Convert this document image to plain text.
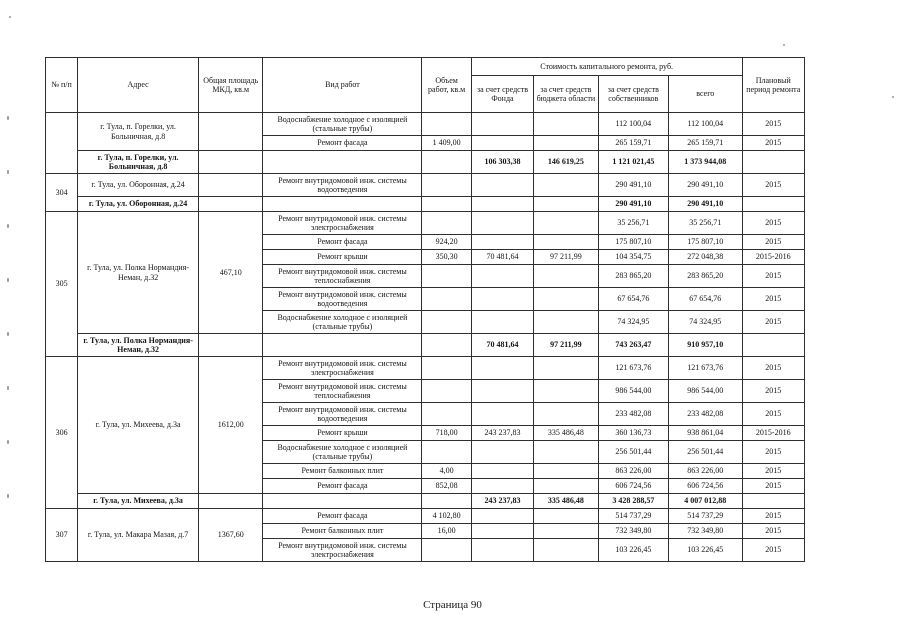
№ п/п	Адрес	Общая площадь МКД, кв.м	Вид работ	Объем работ, кв.м	Стоимость капитального ремонта, руб.				Плановый период ремонта
					за счет средств Фонда	за счет средств бюджета области	за счет средств собственников	всего	
	г. Тула, п. Горелки, ул. Больничная, д.8		Водоснабжение холодное с изоляцией (стальные трубы)				112 100,04	112 100,04	2015
			Ремонт фасада	1 409,00			265 159,71	265 159,71	2015
	г. Тула, п. Горелки, ул. Больничная, д.8				106 303,38	146 619,25	1 121 021,45	1 373 944,08	
304	г. Тула, ул. Оборонная, д.24		Ремонт внутридомовой инж. системы водоотведения				290 491,10	290 491,10	2015
	г. Тула, ул. Оборонная, д.24						290 491,10	290 491,10	
305	г. Тула, ул. Полка Нормандия-Неман, д.32	467,10	Ремонт внутридомовой инж. системы электроснабжения				35 256,71	35 256,71	2015
			Ремонт фасада	924,20			175 807,10	175 807,10	2015
			Ремонт крыши	350,30	70 481,64	97 211,99	104 354,75	272 048,38	2015-2016
			Ремонт внутридомовой инж. системы теплоснабжения				283 865,20	283 865,20	2015
			Ремонт внутридомовой инж. системы водоотведения				67 654,76	67 654,76	2015
			Водоснабжение холодное с изоляцией (стальные трубы)				74 324,95	74 324,95	2015
	г. Тула, ул. Полка Нормандия-Неман, д.32				70 481,64	97 211,99	743 263,47	910 957,10	
306	г. Тула, ул. Михеева, д.3а	1612,00	Ремонт внутридомовой инж. системы электроснабжения				121 673,76	121 673,76	2015
			Ремонт внутридомовой инж. системы теплоснабжения				986 544,00	986 544,00	2015
			Ремонт внутридомовой инж. системы водоотведения				233 482,08	233 482,08	2015
			Ремонт крыши	718,00	243 237,83	335 486,48	360 136,73	938 861,04	2015-2016
			Водоснабжение холодное с изоляцией (стальные трубы)				256 501,44	256 501,44	2015
			Ремонт балконных плит	4,00			863 226,00	863 226,00	2015
			Ремонт фасада	852,08			606 724,56	606 724,56	2015
	г. Тула, ул. Михеева, д.3а				243 237,83	335 486,48	3 428 288,57	4 007 012,88	
307	г. Тула, ул. Макара Мазая, д.7	1367,60	Ремонт фасада	4 102,80			514 737,29	514 737,29	2015
			Ремонт балконных плит	16,00			732 349,80	732 349,80	2015
			Ремонт внутридомовой инж. системы электроснабжения				103 226,45	103 226,45	2015
Страница 90
